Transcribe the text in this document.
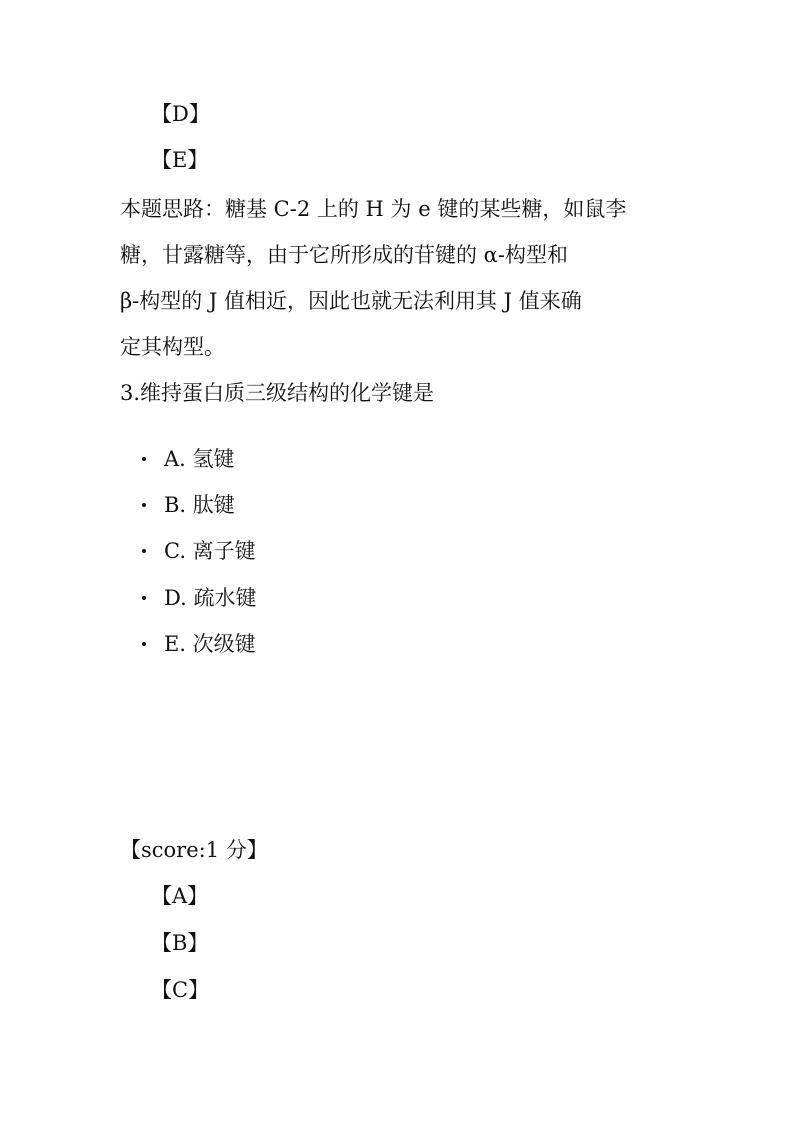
【D】
【E】
本题思路：糖基 C-2 上的 H 为 e 键的某些糖，如鼠李
糖，甘露糖等，由于它所形成的苷键的 α-构型和
β-构型的 J 值相近，因此也就无法利用其 J 值来确
定其构型。
3.维持蛋白质三级结构的化学键是
A. 氢键
B. 肽键
C. 离子键
D. 疏水键
E. 次级键
【score:1 分】
【A】
【B】
【C】
